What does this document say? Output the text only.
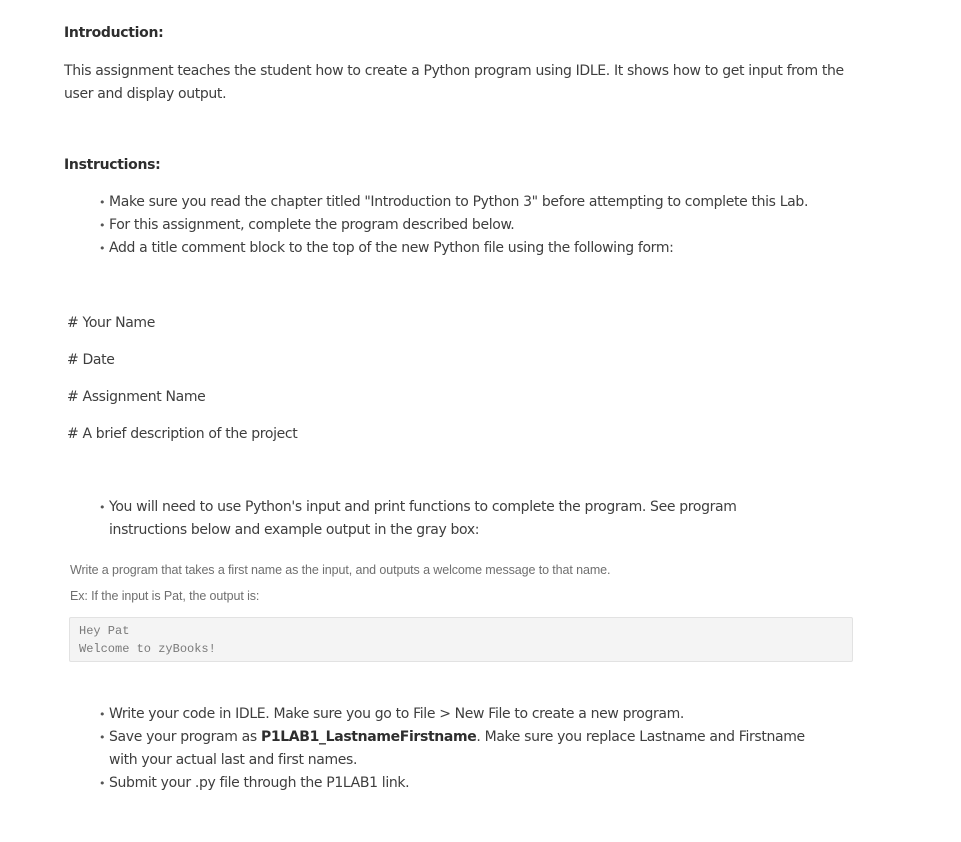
Introduction:

This assignment teaches the student how to create a Python program using IDLE. It shows how to get input from the user and display output.

Instructions:
• Make sure you read the chapter titled "Introduction to Python 3" before attempting to complete this Lab.
• For this assignment, complete the program described below.
• Add a title comment block to the top of the new Python file using the following form:
# Your Name
# Date
# Assignment Name
# A brief description of the project
• You will need to use Python's input and print functions to complete the program. See program instructions below and example output in the gray box:
Write a program that takes a first name as the input, and outputs a welcome message to that name.
Ex: If the input is Pat, the output is:
Hey Pat
Welcome to zyBooks!
• Write your code in IDLE. Make sure you go to File > New File to create a new program.
• Save your program as P1LAB1_LastnameFirstname. Make sure you replace Lastname and Firstname with your actual last and first names.
• Submit your .py file through the P1LAB1 link.
